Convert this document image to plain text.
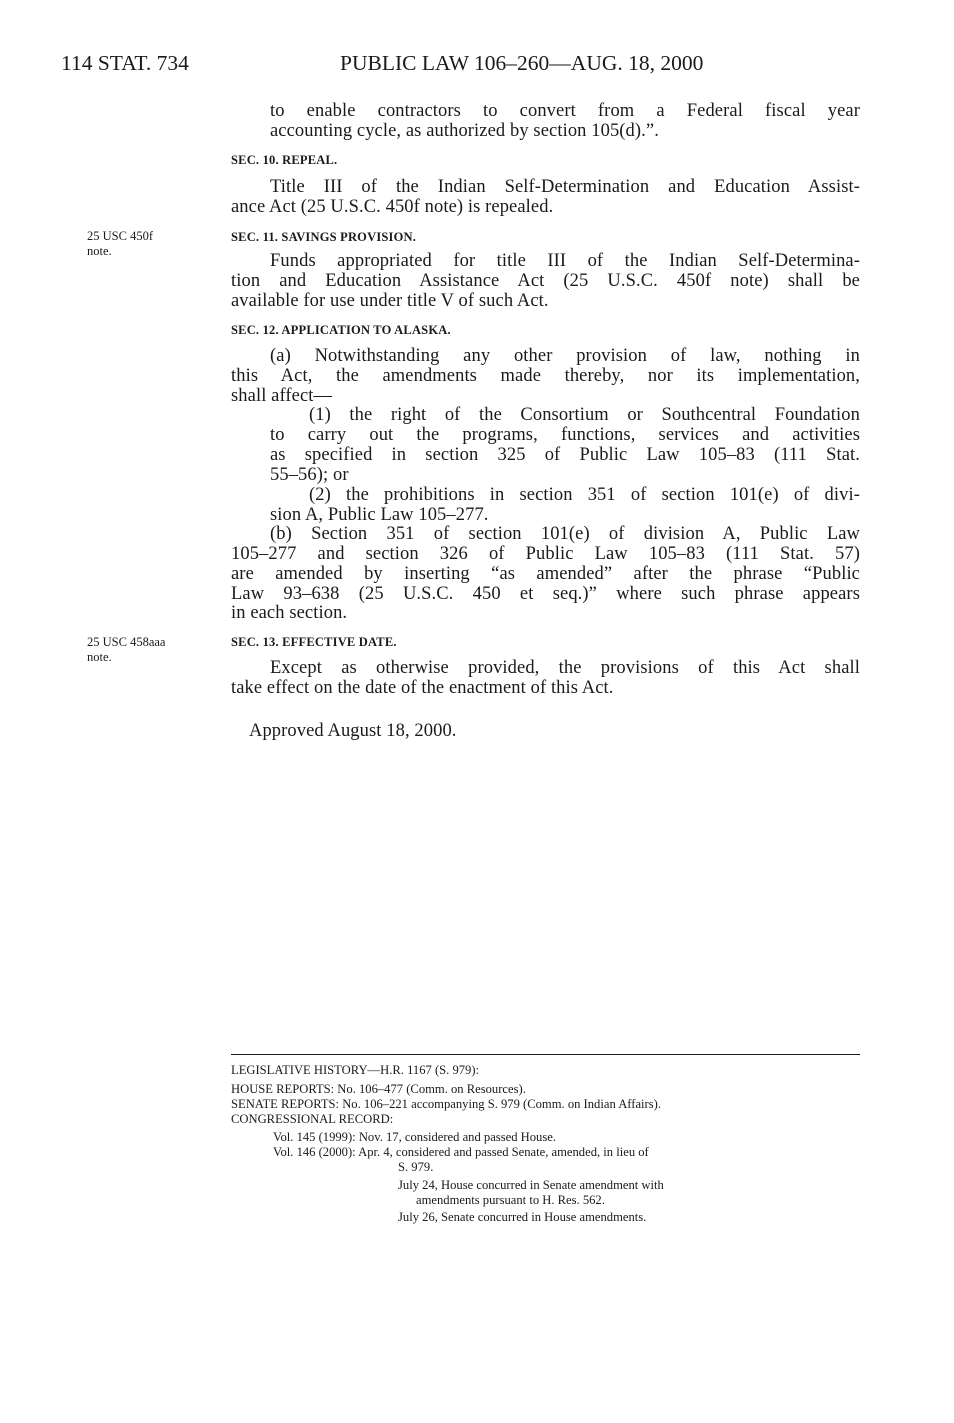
114 STAT. 734	PUBLIC LAW 106–260—AUG. 18, 2000
25 USC 450f
note.
25 USC 458aaa
note.
to enable contractors to convert from a Federal fiscal year
accounting cycle, as authorized by section 105(d).”.
SEC. 10. REPEAL.
Title III of the Indian Self-Determination and Education Assist-
ance Act (25 U.S.C. 450f note) is repealed.
SEC. 11. SAVINGS PROVISION.
Funds appropriated for title III of the Indian Self-Determina-
tion and Education Assistance Act (25 U.S.C. 450f note) shall be
available for use under title V of such Act.
SEC. 12. APPLICATION TO ALASKA.
(a) Notwithstanding any other provision of law, nothing in
this Act, the amendments made thereby, nor its implementation,
shall affect—
(1) the right of the Consortium or Southcentral Foundation
to carry out the programs, functions, services and activities
as specified in section 325 of Public Law 105–83 (111 Stat.
55–56); or
(2) the prohibitions in section 351 of section 101(e) of divi-
sion A, Public Law 105–277.
(b) Section 351 of section 101(e) of division A, Public Law
105–277 and section 326 of Public Law 105–83 (111 Stat. 57)
are amended by inserting “as amended” after the phrase “Public
Law 93–638 (25 U.S.C. 450 et seq.)” where such phrase appears
in each section.
SEC. 13. EFFECTIVE DATE.
Except as otherwise provided, the provisions of this Act shall
take effect on the date of the enactment of this Act.
Approved August 18, 2000.
LEGISLATIVE HISTORY—H.R. 1167 (S. 979):
HOUSE REPORTS: No. 106–477 (Comm. on Resources).
SENATE REPORTS: No. 106–221 accompanying S. 979 (Comm. on Indian Affairs).
CONGRESSIONAL RECORD:
Vol. 145 (1999): Nov. 17, considered and passed House.
Vol. 146 (2000): Apr. 4, considered and passed Senate, amended, in lieu of
S. 979.
July 24, House concurred in Senate amendment with
amendments pursuant to H. Res. 562.
July 26, Senate concurred in House amendments.
